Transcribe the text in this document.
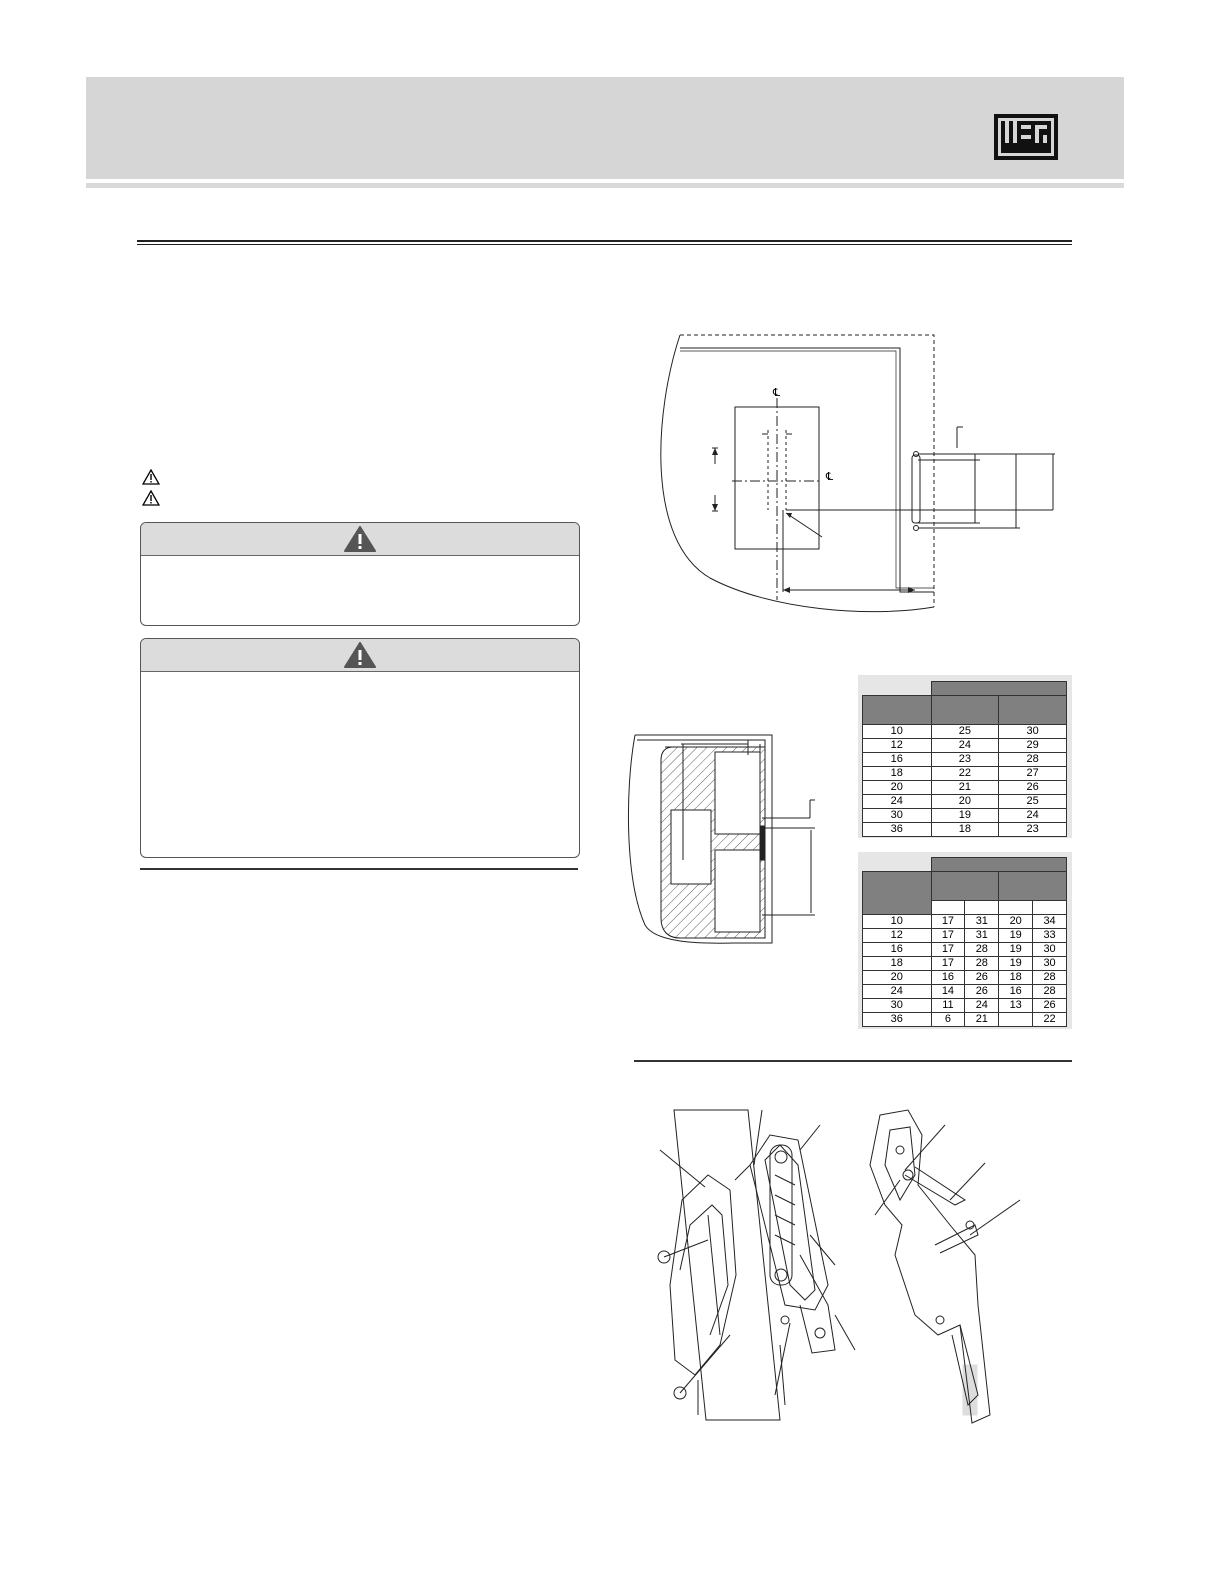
℄
℄

10	25	30
12	24	29
16	23	28
18	22	27
20	21	26
24	20	25
30	19	24
36	18	23

10	17	31	20	34
12	17	31	19	33
16	17	28	19	30
18	17	28	19	30
20	16	26	18	28
24	14	26	16	28
30	11	24	13	26
36	6	21		22
